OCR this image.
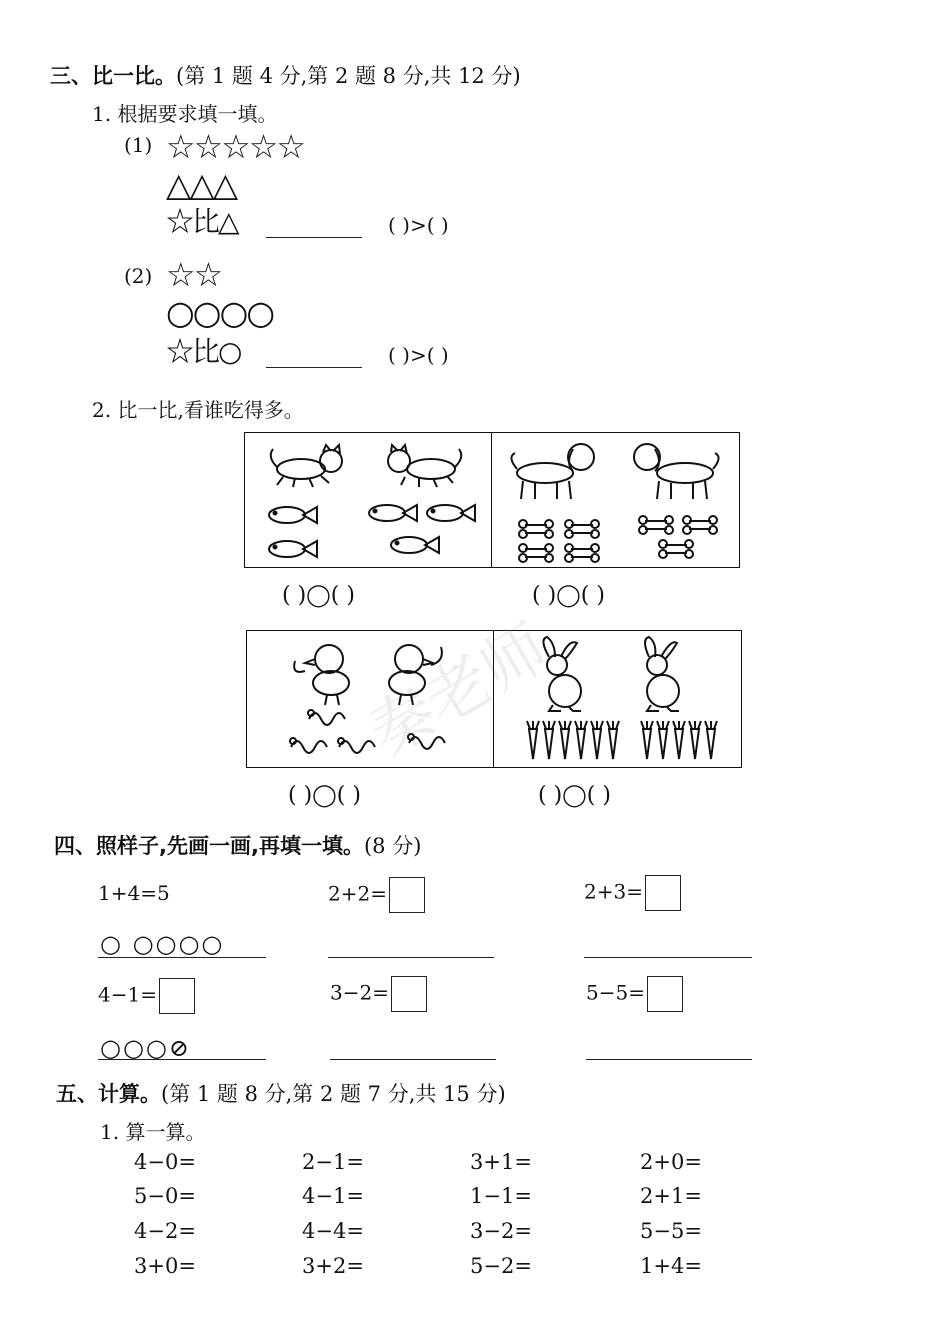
三、比一比。(第 1 题 4 分,第 2 题 8 分,共 12 分)
1. 根据要求填一填。
(1) ☆☆☆☆☆
△△△
☆比△	( )>( )
(2) ☆☆
○○○○
☆比○	( )>( )
2. 比一比,看谁吃得多。
( )◯( )	( )◯( )
( )◯( )	( )◯( )
秦老师
四、照样子,先画一画,再填一填。(8 分)
1+4=5	2+2=	2+3=
○ ○○○○
4−1=	3−2=	5−5=
○○○⊘
五、计算。(第 1 题 8 分,第 2 题 7 分,共 15 分)
1. 算一算。
4−0=	2−1=	3+1=	2+0=
5−0=	4−1=	1−1=	2+1=
4−2=	4−4=	3−2=	5−5=
3+0=	3+2=	5−2=	1+4=
